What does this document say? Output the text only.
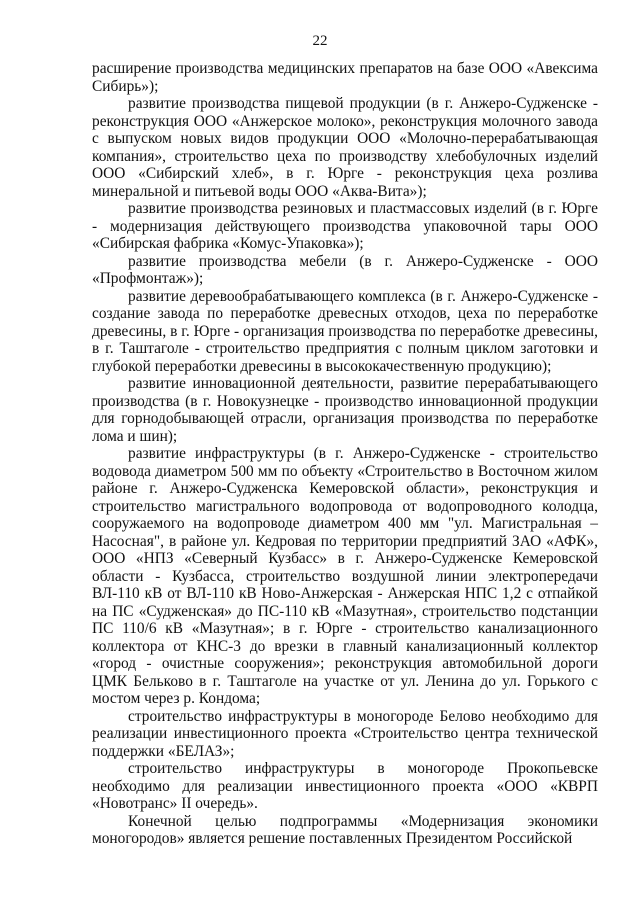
22

расширение производства медицинских препаратов на базе ООО «Авексима Сибирь»);

развитие производства пищевой продукции (в г. Анжеро-Судженске - реконструкция ООО «Анжерское молоко», реконструкция молочного завода с выпуском новых видов продукции ООО «Молочно-перерабатывающая компания», строительство цеха по производству хлебобулочных изделий ООО «Сибирский хлеб», в г. Юрге - реконструкция цеха розлива минеральной и питьевой воды ООО «Аква-Вита»);

развитие производства резиновых и пластмассовых изделий (в г. Юрге - модернизация действующего производства упаковочной тары ООО «Сибирская фабрика «Комус-Упаковка»);

развитие производства мебели (в г. Анжеро-Судженске - ООО «Профмонтаж»);

развитие деревообрабатывающего комплекса (в г. Анжеро-Судженске - создание завода по переработке древесных отходов, цеха по переработке древесины, в г. Юрге - организация производства по переработке древесины, в г. Таштаголе - строительство предприятия с полным циклом заготовки и глубокой переработки древесины в высококачественную продукцию);

развитие инновационной деятельности, развитие перерабатывающего производства (в г. Новокузнецке - производство инновационной продукции для горнодобывающей отрасли, организация производства по переработке лома и шин);

развитие инфраструктуры (в г. Анжеро-Судженске - строительство водовода диаметром 500 мм по объекту «Строительство в Восточном жилом районе г. Анжеро-Судженска Кемеровской области», реконструкция и строительство магистрального водопровода от водопроводного колодца, сооружаемого на водопроводе диаметром 400 мм "ул. Магистральная – Насосная", в районе ул. Кедровая по территории предприятий ЗАО «АФК», ООО «НПЗ «Северный Кузбасс» в г. Анжеро-Судженске Кемеровской области - Кузбасса, строительство воздушной линии электропередачи ВЛ-110 кВ от ВЛ-110 кВ Ново-Анжерская - Анжерская НПС 1,2 с отпайкой на ПС «Судженская» до ПС-110 кВ «Мазутная», строительство подстанции ПС 110/6 кВ «Мазутная»; в г. Юрге - строительство канализационного коллектора от КНС-3 до врезки в главный канализационный коллектор «город - очистные сооружения»; реконструкция автомобильной дороги ЦМК Бельково в г. Таштаголе на участке от ул. Ленина до ул. Горького с мостом через р. Кондома;

строительство инфраструктуры в моногороде Белово необходимо для реализации инвестиционного проекта «Строительство центра технической поддержки «БЕЛАЗ»;

строительство инфраструктуры в моногороде Прокопьевске необходимо для реализации инвестиционного проекта «ООО «КВРП «Новотранс» II очередь».

Конечной целью подпрограммы «Модернизация экономики моногородов» является решение поставленных Президентом Российской
